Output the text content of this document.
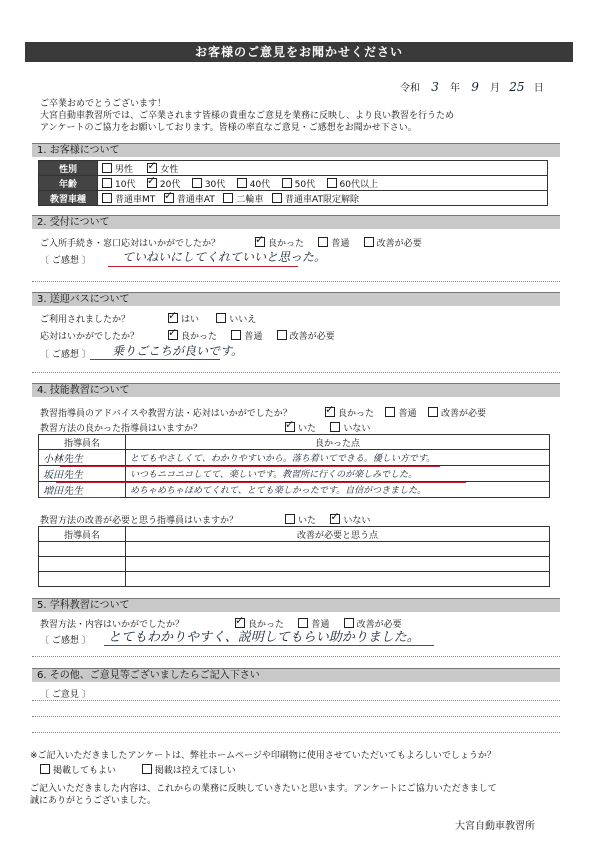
お客様のご意見をお聞かせください
令和 3 年 9 月 25 日
ご卒業おめでとうございます！
大宮自動車教習所では、ご卒業されます皆様の貴重なご意見を業務に反映し、より良い教習を行うため
アンケートのご協力をお願いしております。皆様の率直なご意見・ご感想をお聞かせ下さい。
1. お客様について
性別	男性 ✓ 女性
年齢	10代 ✓ 20代 30代 40代 50代 60代以上
教習車種	普通車MT ✓ 普通車AT 二輪車 普通車AT限定解除
2. 受付について
ご入所手続き・窓口応対はいかがでしたか？ ✓	良かった	普通	改善が必要
〔 ご感想 〕	ていねいにしてくれていいと思った。
3. 送迎バスについて
ご利用されましたか？ ✓	はい	いいえ
応対はいかがでしたか？ ✓	良かった	普通	改善が必要
〔 ご感想 〕 乗りごこちが良いです。
4. 技能教習について
教習指導員のアドバイスや教習方法・応対はいかがでしたか？ ✓	良かった	普通	改善が必要
教習方法の良かった指導員はいますか？ ✓	いた	いない
指導員名	良かった点
小林先生	とてもやさしくて、わかりやすいから。落ち着いてできる。優しい方です。
坂田先生	いつもニコニコしてて、楽しいです。教習所に行くのが楽しみでした。
増田先生	めちゃめちゃほめてくれて、とても楽しかったです。自信がつきました。
教習方法の改善が必要と思う指導員はいますか？	いた ✓	いない
指導員名	改善が必要と思う点

5. 学科教習について
教習方法・内容はいかがでしたか？ ✓	良かった	普通	改善が必要
〔 ご感想 〕 とてもわかりやすく、説明してもらい助かりました。
6. その他、ご意見等ございましたらご記入下さい
〔 ご意見 〕
※ご記入いただきましたアンケートは、弊社ホームページや印刷物に使用させていただいてもよろしいでしょうか？
掲載してもよい	掲載は控えてほしい
ご記入いただきました内容は、これからの業務に反映していきたいと思います。アンケートにご協力いただきまして
誠にありがとうございました。
大宮自動車教習所
